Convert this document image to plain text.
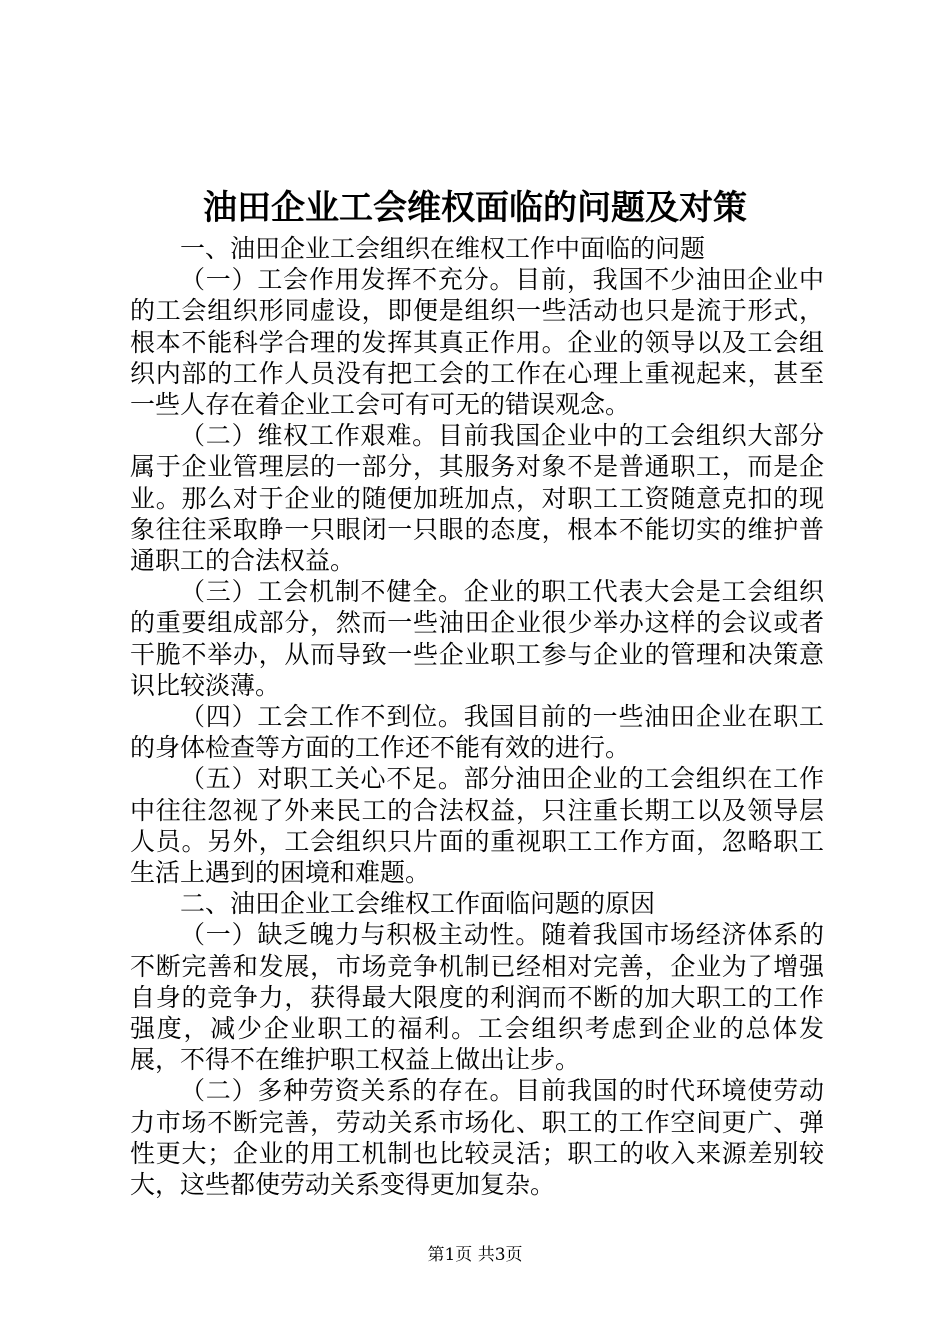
油田企业工会维权面临的问题及对策

一、油田企业工会组织在维权工作中面临的问题

（一）工会作用发挥不充分。目前，我国不少油田企业中的工会组织形同虚设，即便是组织一些活动也只是流于形式，根本不能科学合理的发挥其真正作用。企业的领导以及工会组织内部的工作人员没有把工会的工作在心理上重视起来，甚至一些人存在着企业工会可有可无的错误观念。

（二）维权工作艰难。目前我国企业中的工会组织大部分属于企业管理层的一部分，其服务对象不是普通职工，而是企业。那么对于企业的随便加班加点，对职工工资随意克扣的现象往往采取睁一只眼闭一只眼的态度，根本不能切实的维护普通职工的合法权益。

（三）工会机制不健全。企业的职工代表大会是工会组织的重要组成部分，然而一些油田企业很少举办这样的会议或者干脆不举办，从而导致一些企业职工参与企业的管理和决策意识比较淡薄。

（四）工会工作不到位。我国目前的一些油田企业在职工的身体检查等方面的工作还不能有效的进行。

（五）对职工关心不足。部分油田企业的工会组织在工作中往往忽视了外来民工的合法权益，只注重长期工以及领导层人员。另外，工会组织只片面的重视职工工作方面，忽略职工生活上遇到的困境和难题。

二、油田企业工会维权工作面临问题的原因

（一）缺乏魄力与积极主动性。随着我国市场经济体系的不断完善和发展，市场竞争机制已经相对完善，企业为了增强自身的竞争力，获得最大限度的利润而不断的加大职工的工作强度，减少企业职工的福利。工会组织考虑到企业的总体发展，不得不在维护职工权益上做出让步。

（二）多种劳资关系的存在。目前我国的时代环境使劳动力市场不断完善，劳动关系市场化、职工的工作空间更广、弹性更大；企业的用工机制也比较灵活；职工的收入来源差别较大，这些都使劳动关系变得更加复杂。

第1页 共3页
